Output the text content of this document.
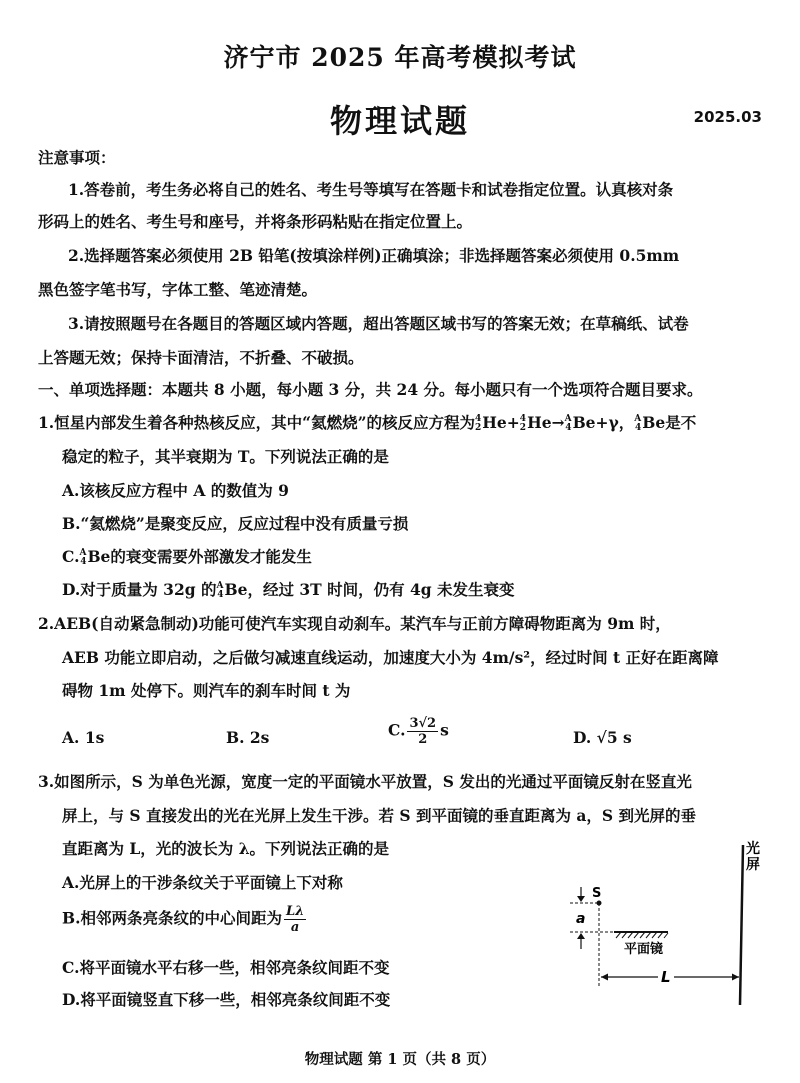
济宁市 2025 年高考模拟考试
物理试题	2025.03
注意事项：
1.答卷前，考生务必将自己的姓名、考生号等填写在答题卡和试卷指定位置。认真核对条
形码上的姓名、考生号和座号，并将条形码粘贴在指定位置上。
2.选择题答案必须使用 2B 铅笔(按填涂样例)正确填涂；非选择题答案必须使用 0.5mm
黑色签字笔书写，字体工整、笔迹清楚。
3.请按照题号在各题目的答题区域内答题，超出答题区域书写的答案无效；在草稿纸、试卷
上答题无效；保持卡面清洁，不折叠、不破损。
一、单项选择题：本题共 8 小题，每小题 3 分，共 24 分。每小题只有一个选项符合题目要求。
1.恒星内部发生着各种热核反应，其中“氦燃烧”的核反应方程为 4
2 He+ 4
2 He→ A
4 Be+γ， A
4 Be是不
稳定的粒子，其半衰期为 T。下列说法正确的是
A.该核反应方程中 A 的数值为 9
B.“氦燃烧”是聚变反应，反应过程中没有质量亏损
C. A
4 Be的衰变需要外部激发才能发生
D.对于质量为 32g 的 A
4 Be，经过 3T 时间，仍有 4g 未发生衰变
2.AEB(自动紧急制动)功能可使汽车实现自动刹车。某汽车与正前方障碍物距离为 9m 时，
AEB 功能立即启动，之后做匀减速直线运动，加速度大小为 4m/s²，经过时间 t 正好在距离障
碍物 1m 处停下。则汽车的刹车时间 t 为
A. 1s	B. 2s	C. $\frac{3√2}{2}$ s	D. √5 s
3.如图所示，S 为单色光源，宽度一定的平面镜水平放置，S 发出的光通过平面镜反射在竖直光
屏上，与 S 直接发出的光在光屏上发生干涉。若 S 到平面镜的垂直距离为 a，S 到光屏的垂
直距离为 L，光的波长为 λ。下列说法正确的是
A.光屏上的干涉条纹关于平面镜上下对称
B.相邻两条亮条纹的中心间距为 $\frac{L\lambda}{a}$
C.将平面镜水平右移一些，相邻亮条纹间距不变
D.将平面镜竖直下移一些，相邻亮条纹间距不变
光
屏
S
a
平面镜
L
物理试题 第 1 页（共 8 页）
